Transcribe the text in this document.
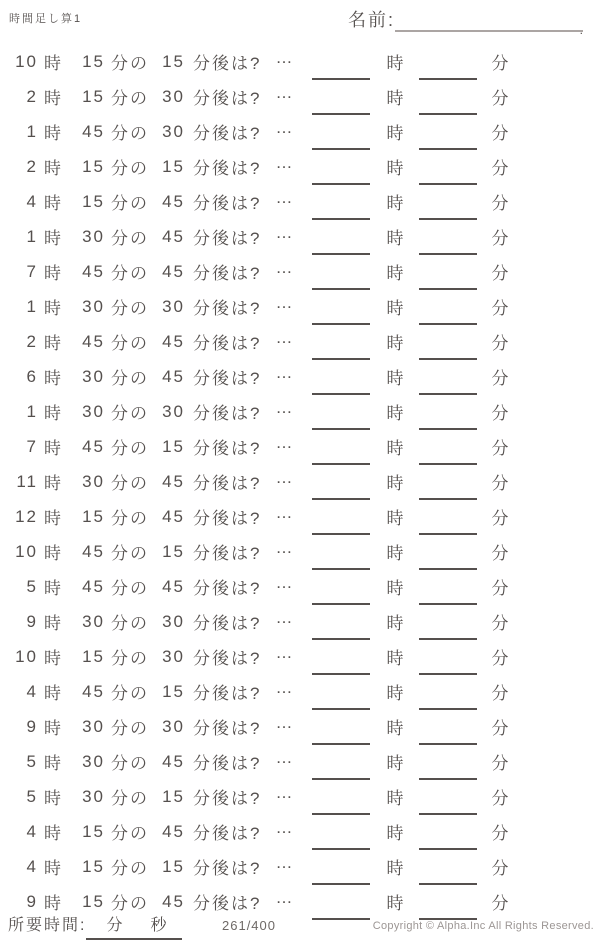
時間足し算1	名前:	.
10 時 15 分の 15 分後は? …	時	分
2 時 15 分の 30 分後は? …	時	分
1 時 45 分の 30 分後は? …	時	分
2 時 15 分の 15 分後は? …	時	分
4 時 15 分の 45 分後は? …	時	分
1 時 30 分の 45 分後は? …	時	分
7 時 45 分の 45 分後は? …	時	分
1 時 30 分の 30 分後は? …	時	分
2 時 45 分の 45 分後は? …	時	分
6 時 30 分の 45 分後は? …	時	分
1 時 30 分の 30 分後は? …	時	分
7 時 45 分の 15 分後は? …	時	分
11 時 30 分の 45 分後は? …	時	分
12 時 15 分の 45 分後は? …	時	分
10 時 45 分の 15 分後は? …	時	分
5 時 45 分の 45 分後は? …	時	分
9 時 30 分の 30 分後は? …	時	分
10 時 15 分の 30 分後は? …	時	分
4 時 45 分の 15 分後は? …	時	分
9 時 30 分の 30 分後は? …	時	分
5 時 30 分の 45 分後は? …	時	分
5 時 30 分の 15 分後は? …	時	分
4 時 15 分の 45 分後は? …	時	分
4 時 15 分の 15 分後は? …	時	分
9 時 15 分の 45 分後は? …	時	分
所要時間: 分 秒	261/400	Copyright © Alpha.Inc All Rights Reserved.
